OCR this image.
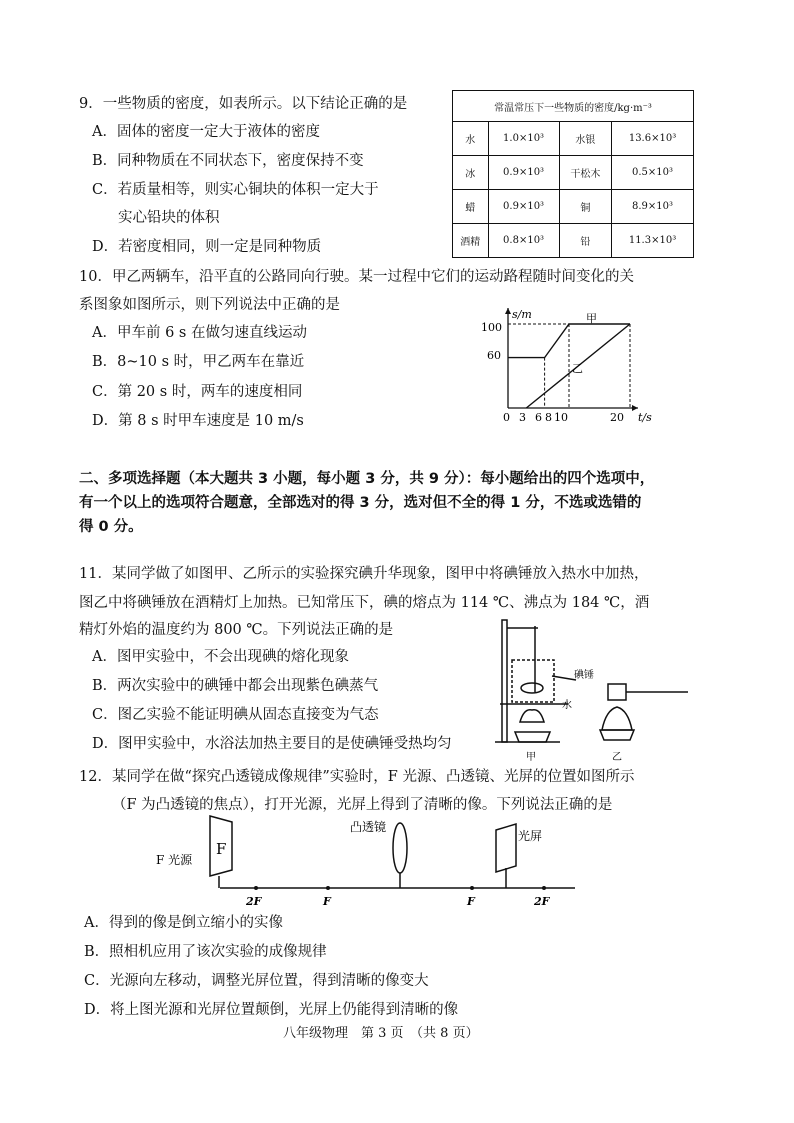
9．一些物质的密度，如表所示。以下结论正确的是
A．固体的密度一定大于液体的密度
B．同种物质在不同状态下，密度保持不变
C．若质量相等，则实心铜块的体积一定大于
实心铅块的体积
D．若密度相同，则一定是同种物质
常温常压下一些物质的密度/kg·m⁻³			
水	1.0×10³	水银	13.6×10³
冰	0.9×10³	干松木	0.5×10³
蜡	0.9×10³	铜	8.9×10³
酒精	0.8×10³	铅	11.3×10³
10．甲乙两辆车，沿平直的公路同向行驶。某一过程中它们的运动路程随时间变化的关
系图象如图所示，则下列说法中正确的是
A．甲车前 6 s 在做匀速直线运动
B．8~10 s 时，甲乙两车在靠近
C．第 20 s 时，两车的速度相同
D．第 8 s 时甲车速度是 10 m/s
s/m
t/s
0
100
60
3 6 8 10	20
甲
乙
二、多项选择题（本大题共 3 小题，每小题 3 分，共 9 分）：每小题给出的四个选项中，
有一个以上的选项符合题意，全部选对的得 3 分，选对但不全的得 1 分，不选或选错的
得 0 分。
11．某同学做了如图甲、乙所示的实验探究碘升华现象，图甲中将碘锤放入热水中加热，
图乙中将碘锤放在酒精灯上加热。已知常压下，碘的熔点为 114 ℃、沸点为 184 ℃，酒
精灯外焰的温度约为 800 ℃。下列说法正确的是
A．图甲实验中，不会出现碘的熔化现象
B．两次实验中的碘锤中都会出现紫色碘蒸气
C．图乙实验不能证明碘从固态直接变为气态
D．图甲实验中，水浴法加热主要目的是使碘锤受热均匀
碘锤
水
甲	乙
12．某同学在做“探究凸透镜成像规律”实验时，F 光源、凸透镜、光屏的位置如图所示
（F 为凸透镜的焦点），打开光源，光屏上得到了清晰的像。下列说法正确的是
F
F 光源
凸透镜
光屏
2F	F	F	2F
A．得到的像是倒立缩小的实像
B．照相机应用了该次实验的成像规律
C．光源向左移动，调整光屏位置，得到清晰的像变大
D．将上图光源和光屏位置颠倒，光屏上仍能得到清晰的像
八年级物理　第 3 页　（共 8 页）
